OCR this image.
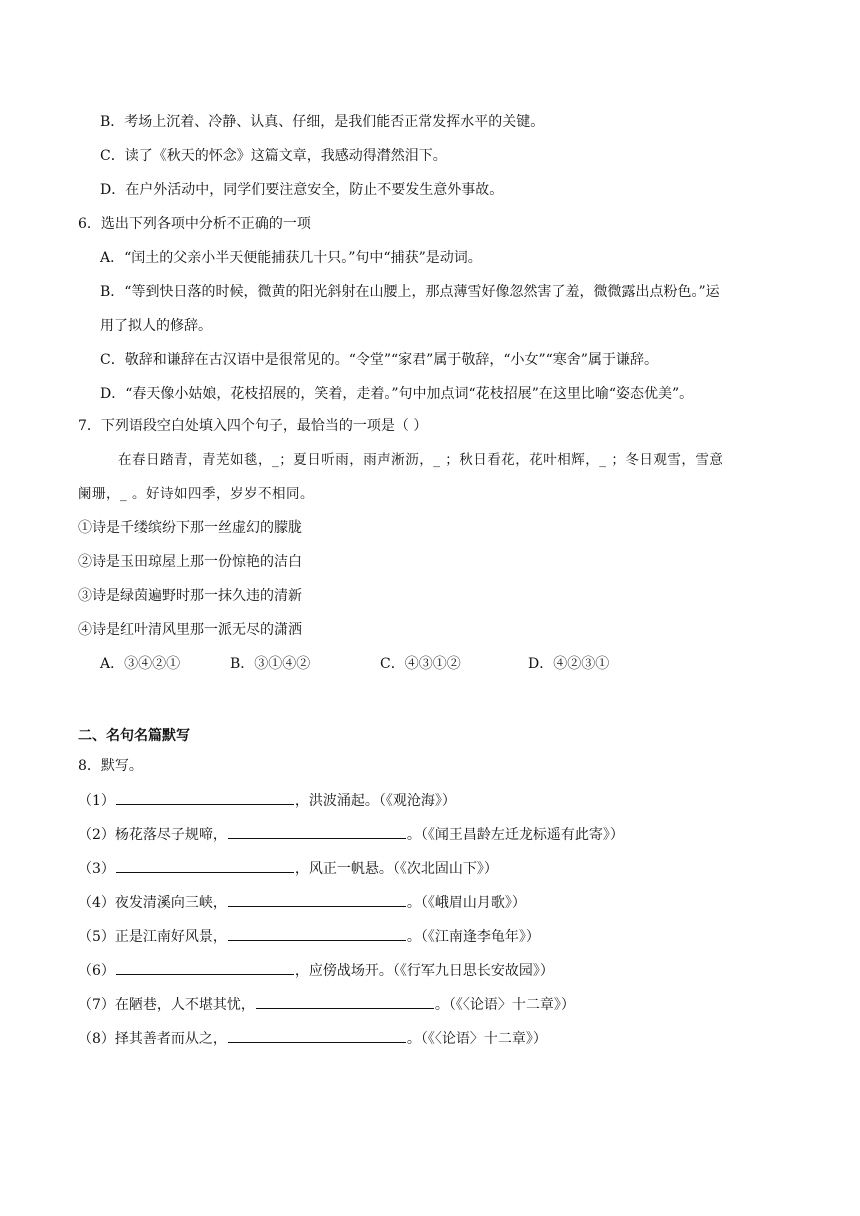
B．考场上沉着、冷静、认真、仔细，是我们能否正常发挥水平的关键。
C．读了《秋天的怀念》这篇文章，我感动得潸然泪下。
D．在户外活动中，同学们要注意安全，防止不要发生意外事故。
6．选出下列各项中分析不正确的一项
A．“闰土的父亲小半天便能捕获几十只。”句中“捕获”是动词。
B．“等到快日落的时候，微黄的阳光斜射在山腰上，那点薄雪好像忽然害了羞，微微露出点粉色。”运
用了拟人的修辞。
C．敬辞和谦辞在古汉语中是很常见的。“令堂”“家君”属于敬辞，“小女”“寒舍”属于谦辞。
D．“春天像小姑娘，花枝招展的，笑着，走着。”句中加点词“花枝招展”在这里比喻“姿态优美”。
7．下列语段空白处填入四个句子，最恰当的一项是（ ）
在春日踏青，青芜如毯，_；夏日听雨，雨声淅沥，_ ；秋日看花，花叶相辉，_ ；冬日观雪，雪意
阑珊，_ 。好诗如四季，岁岁不相同。
①诗是千缕缤纷下那一丝虚幻的朦胧
②诗是玉田琼屋上那一份惊艳的洁白
③诗是绿茵遍野时那一抹久违的清新
④诗是红叶清风里那一派无尽的潇洒
A．③④②①	B．③①④②	C．④③①②	D．④②③①
二、名句名篇默写
8．默写。
（1）	，洪波涌起。（《观沧海》）
（2）杨花落尽子规啼，	。（《闻王昌龄左迁龙标遥有此寄》）
（3）	，风正一帆悬。（《次北固山下》）
（4）夜发清溪向三峡，	。（《峨眉山月歌》）
（5）正是江南好风景，	。（《江南逢李龟年》）
（6）	，应傍战场开。（《行军九日思长安故园》）
（7）在陋巷，人不堪其忧，	。（《〈论语〉十二章》）
（8）择其善者而从之，	。（《〈论语〉十二章》）
